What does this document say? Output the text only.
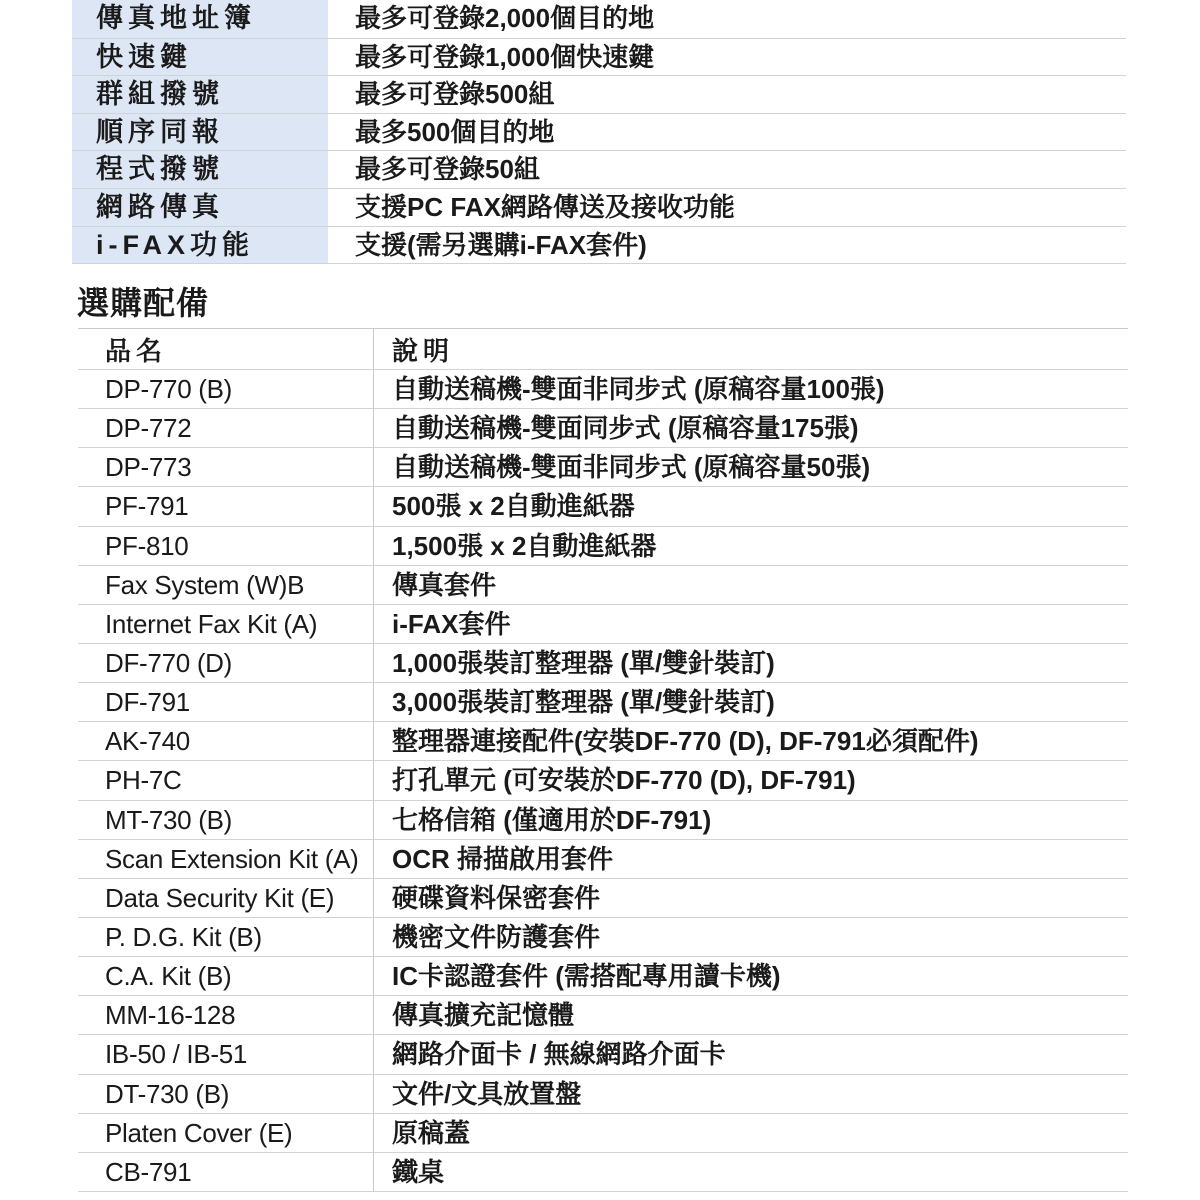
傳真地址簿	最多可登錄2,000個目的地
快速鍵	最多可登錄1,000個快速鍵
群組撥號	最多可登錄500組
順序同報	最多500個目的地
程式撥號	最多可登錄50組
網路傳真	支援PC FAX網路傳送及接收功能
i-FAX功能	支援(需另選購i-FAX套件)
選購配備
品名	說明
DP-770 (B)	自動送稿機-雙面非同步式 (原稿容量100張)
DP-772	自動送稿機-雙面同步式 (原稿容量175張)
DP-773	自動送稿機-雙面非同步式 (原稿容量50張)
PF-791	500張 x 2自動進紙器
PF-810	1,500張 x 2自動進紙器
Fax System (W)B	傳真套件
Internet Fax Kit (A)	i-FAX套件
DF-770 (D)	1,000張裝訂整理器 (單/雙針裝訂)
DF-791	3,000張裝訂整理器 (單/雙針裝訂)
AK-740	整理器連接配件(安裝DF-770 (D), DF-791必須配件)
PH-7C	打孔單元 (可安裝於DF-770 (D), DF-791)
MT-730 (B)	七格信箱 (僅適用於DF-791)
Scan Extension Kit (A)	OCR 掃描啟用套件
Data Security Kit (E)	硬碟資料保密套件
P. D.G. Kit (B)	機密文件防護套件
C.A. Kit (B)	IC卡認證套件 (需搭配專用讀卡機)
MM-16-128	傳真擴充記憶體
IB-50 / IB-51	網路介面卡 / 無線網路介面卡
DT-730 (B)	文件/文具放置盤
Platen Cover (E)	原稿蓋
CB-791	鐵桌
